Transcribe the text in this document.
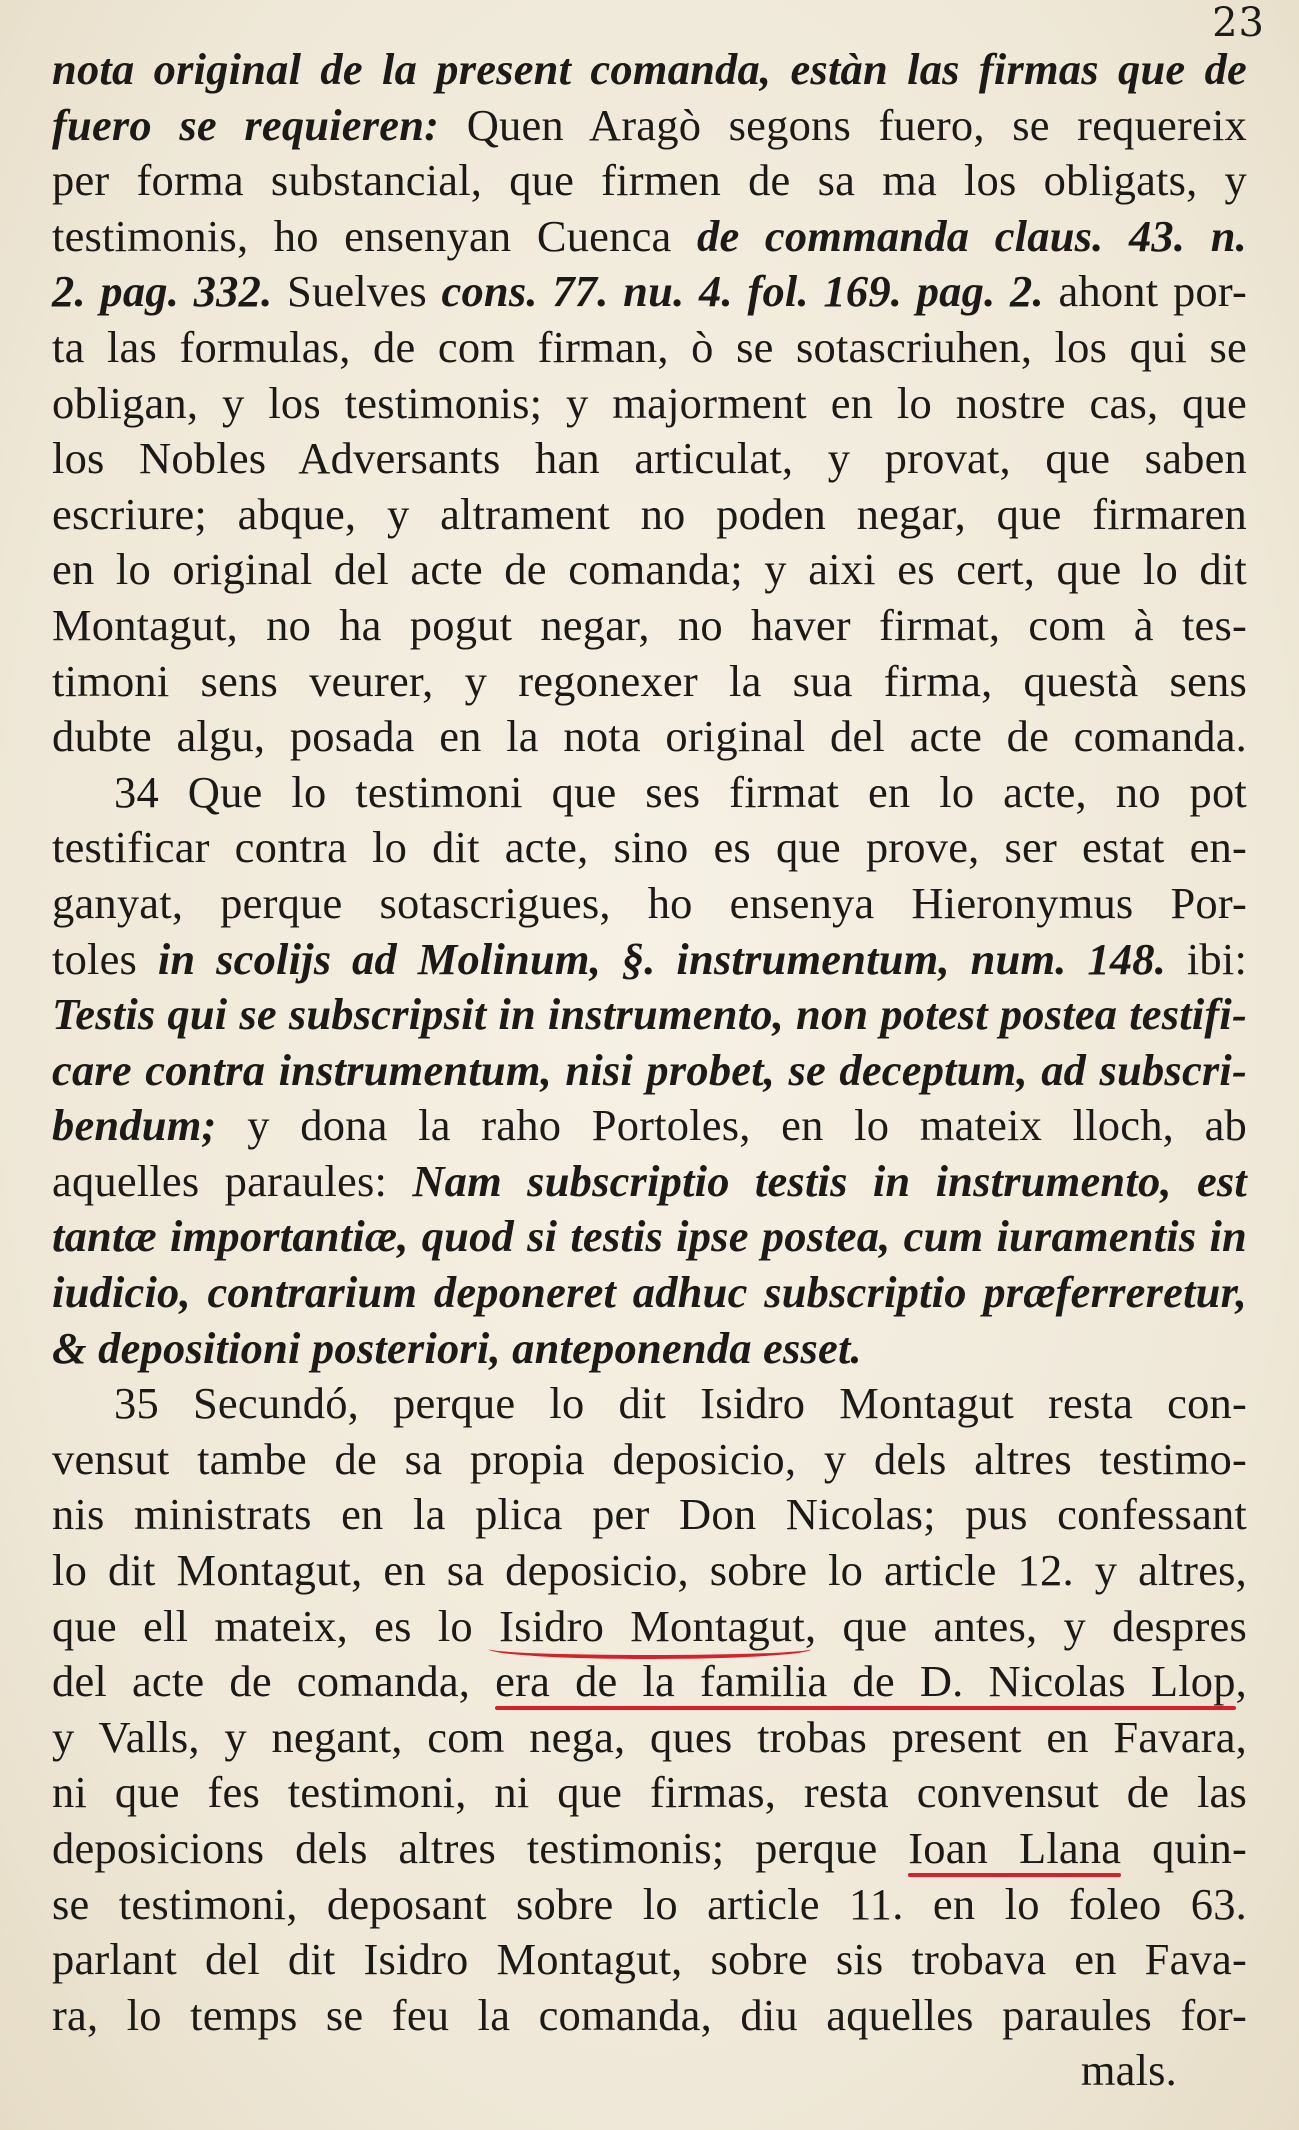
23
nota original de la present comanda, estàn las firmas que de
fuero se requieren: Quen Aragò segons fuero, se requereix
per forma substancial, que firmen de sa ma los obligats, y
testimonis, ho ensenyan Cuenca de commanda claus. 43. n.
2. pag. 332. Suelves cons. 77. nu. 4. fol. 169. pag. 2. ahont por-
ta las formulas, de com firman, ò se sotascriuhen, los qui se
obligan, y los testimonis; y majorment en lo nostre cas, que
los Nobles Adversants han articulat, y provat, que saben
escriure; abque, y altrament no poden negar, que firmaren
en lo original del acte de comanda; y aixi es cert, que lo dit
Montagut, no ha pogut negar, no haver firmat, com à tes-
timoni sens veurer, y regonexer la sua firma, questà sens
dubte algu, posada en la nota original del acte de comanda.
34 Que lo testimoni que ses firmat en lo acte, no pot
testificar contra lo dit acte, sino es que prove, ser estat en-
ganyat, perque sotascrigues, ho ensenya Hieronymus Por-
toles in scolijs ad Molinum, §. instrumentum, num. 148. ibi:
Testis qui se subscripsit in instrumento, non potest postea testifi-
care contra instrumentum, nisi probet, se deceptum, ad subscri-
bendum; y dona la raho Portoles, en lo mateix lloch, ab
aquelles paraules: Nam subscriptio testis in instrumento, est
tantæ importantiæ, quod si testis ipse postea, cum iuramentis in
iudicio, contrarium deponeret adhuc subscriptio præferreretur,
& depositioni posteriori, anteponenda esset.
35 Secundó, perque lo dit Isidro Montagut resta con-
vensut tambe de sa propia deposicio, y dels altres testimo-
nis ministrats en la plica per Don Nicolas; pus confessant
lo dit Montagut, en sa deposicio, sobre lo article 12. y altres,
que ell mateix, es lo Isidro Montagut
, que antes, y despres
del acte de comanda, era de la familia de D. Nicolas Llop
,
y Valls, y negant, com nega, ques trobas present en Favara,
ni que fes testimoni, ni que firmas, resta convensut de las
deposicions dels altres testimonis; perque Ioan Llana
quin-
se testimoni, deposant sobre lo article 11. en lo foleo 63.
parlant del dit Isidro Montagut, sobre sis trobava en Fava-
ra, lo temps se feu la comanda, diu aquelles paraules for-
mals.
